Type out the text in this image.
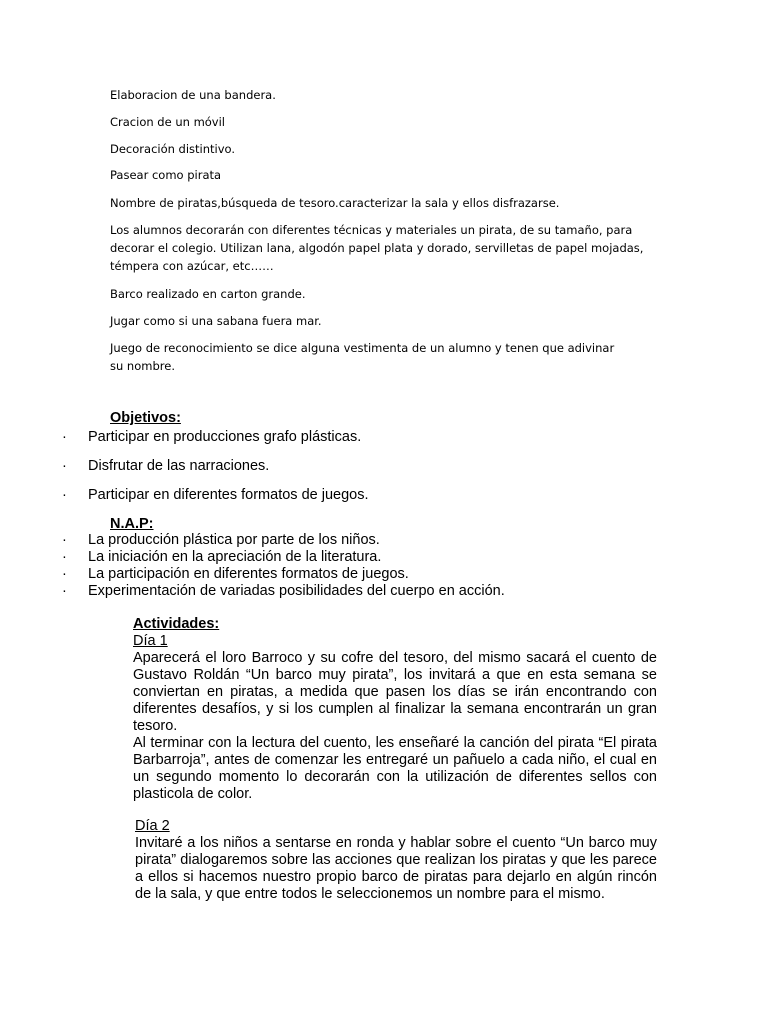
Elaboracion de una bandera.

Cracion de un móvil

Decoración distintivo.

Pasear como pirata

Nombre de piratas,búsqueda de tesoro.caracterizar la sala y ellos disfrazarse.

Los alumnos decorarán con diferentes técnicas y materiales un pirata, de su tamaño, para decorar el colegio. Utilizan lana, algodón papel plata y dorado, servilletas de papel mojadas, témpera con azúcar, etc……

Barco realizado en carton grande.

Jugar como si una sabana fuera mar.

Juego de reconocimiento se dice alguna vestimenta de un alumno y tenen que adivinar su nombre.

Objetivos:
· Participar en producciones grafo plásticas.
· Disfrutar de las narraciones.
· Participar en diferentes formatos de juegos.
N.A.P:
· La producción plástica por parte de los niños.
· La iniciación en la apreciación de la literatura.
· La participación en diferentes formatos de juegos.
· Experimentación de variadas posibilidades del cuerpo en acción.
Actividades:
Día 1
Aparecerá el loro Barroco y su cofre del tesoro, del mismo sacará el cuento de Gustavo Roldán “Un barco muy pirata”, los invitará a que en esta semana se conviertan en piratas, a medida que pasen los días se irán encontrando con diferentes desafíos, y si los cumplen al finalizar la semana encontrarán un gran tesoro.
Al terminar con la lectura del cuento, les enseñaré la canción del pirata “El pirata Barbarroja”, antes de comenzar les entregaré un pañuelo a cada niño, el cual en un segundo momento lo decorarán con la utilización de diferentes sellos con plasticola de color.
Día 2
Invitaré a los niños a sentarse en ronda y hablar sobre el cuento “Un barco muy pirata” dialogaremos sobre las acciones que realizan los piratas y que les parece a ellos si hacemos nuestro propio barco de piratas para dejarlo en algún rincón de la sala, y que entre todos le seleccionemos un nombre para el mismo.
